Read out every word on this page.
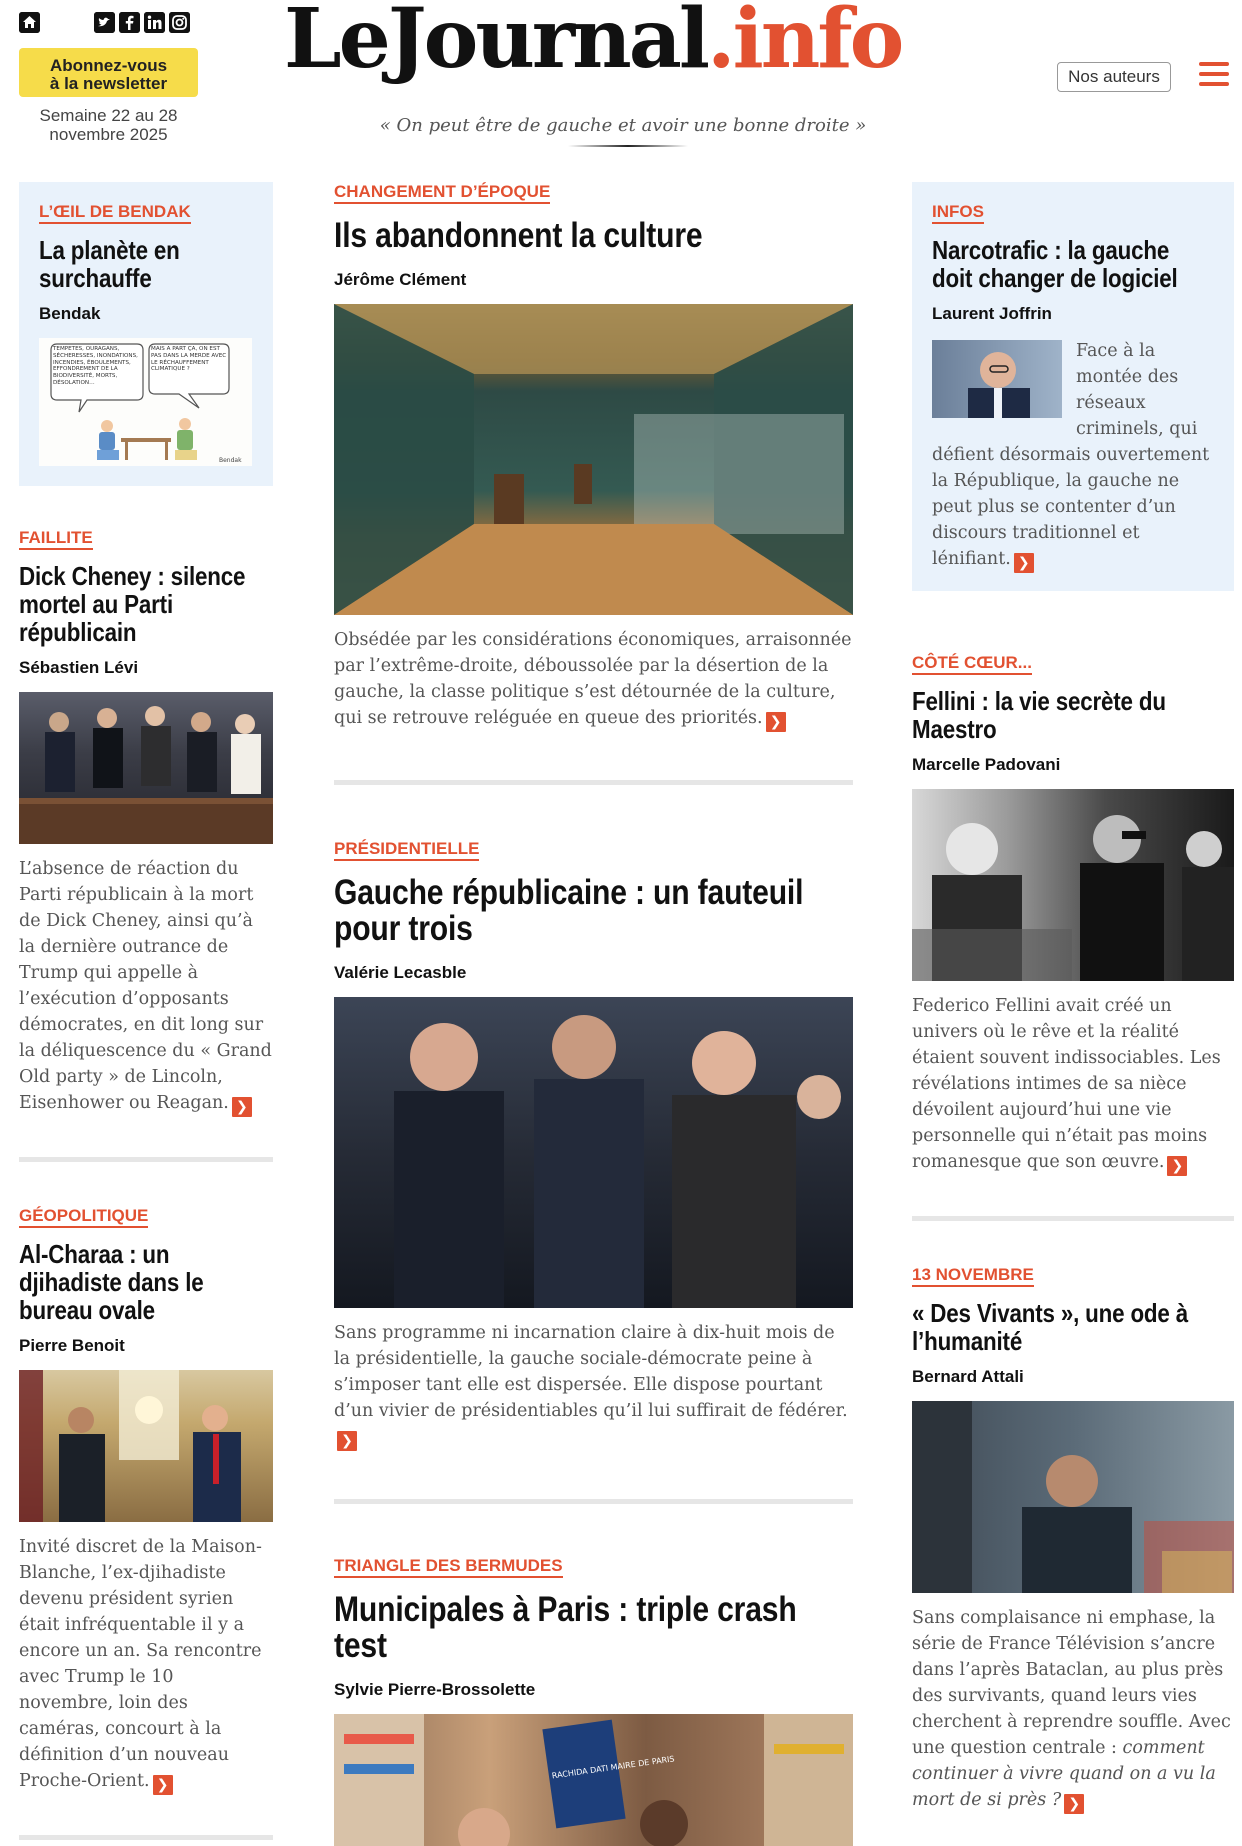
Abonnez-vous
à la newsletter
Semaine 22 au 28
novembre 2025
LeJournal.info
« On peut être de gauche et avoir une bonne droite »
Nos auteurs
L’ŒIL DE BENDAK
La planète en surchauffe
Bendak
TEMPÊTES, OURAGANS, SÉCHERESSES, INONDATIONS, INCENDIES, ÉBOULEMENTS, EFFONDREMENT DE LA BIODIVERSITÉ, MORTS, DÉSOLATION…
MAIS À PART ÇA, ON EST PAS DANS LA MERDE AVEC LE RÉCHAUFFEMENT CLIMATIQUE ?
Bendak
FAILLITE
Dick Cheney : silence mortel au Parti républicain
Sébastien Lévi
L’absence de réaction du Parti républicain à la mort de Dick Cheney, ainsi qu’à la dernière outrance de Trump qui appelle à l’exécution d’opposants démocrates, en dit long sur la déliquescence du « Grand Old party » de Lincoln, Eisenhower ou Reagan. ❯
GÉOPOLITIQUE
Al-Charaa : un djihadiste dans le bureau ovale
Pierre Benoit
Invité discret de la Maison-Blanche, l’ex-djihadiste devenu président syrien était infréquentable il y a encore un an. Sa rencontre avec Trump le 10 novembre, loin des caméras, concourt à la définition d’un nouveau Proche-Orient. ❯
CHANGEMENT D’ÉPOQUE
Ils abandonnent la culture
Jérôme Clément
Obsédée par les considérations économiques, arraisonnée par l’extrême-droite, déboussolée par la désertion de la gauche, la classe politique s’est détournée de la culture, qui se retrouve reléguée en queue des priorités. ❯
PRÉSIDENTIELLE
Gauche républicaine : un fauteuil pour trois
Valérie Lecasble
Sans programme ni incarnation claire à dix-huit mois de la présidentielle, la gauche sociale-démocrate peine à s’imposer tant elle est dispersée. Elle dispose pourtant d’un vivier de présidentiables qu’il lui suffirait de fédérer.❯
TRIANGLE DES BERMUDES
Municipales à Paris : triple crash test
Sylvie Pierre-Brossolette
RACHIDA DATI MAIRE DE PARIS
INFOS
Narcotrafic : la gauche doit changer de logiciel
Laurent Joffrin
Face à la montée des réseaux criminels, qui défient désormais ouvertement la République, la gauche ne peut plus se contenter d’un discours traditionnel et lénifiant. ❯
CÔTÉ CŒUR...
Fellini : la vie secrète du Maestro
Marcelle Padovani
Federico Fellini avait créé un univers où le rêve et la réalité étaient souvent indissociables. Les révélations intimes de sa nièce dévoilent aujourd’hui une vie personnelle qui n’était pas moins romanesque que son œuvre. ❯
13 NOVEMBRE
« Des Vivants », une ode à l’humanité
Bernard Attali
Sans complaisance ni emphase, la série de France Télévision s’ancre dans l’après Bataclan, au plus près des survivants, quand leurs vies cherchent à reprendre souffle. Avec une question centrale : comment continuer à vivre quand on a vu la mort de si près ? ❯
